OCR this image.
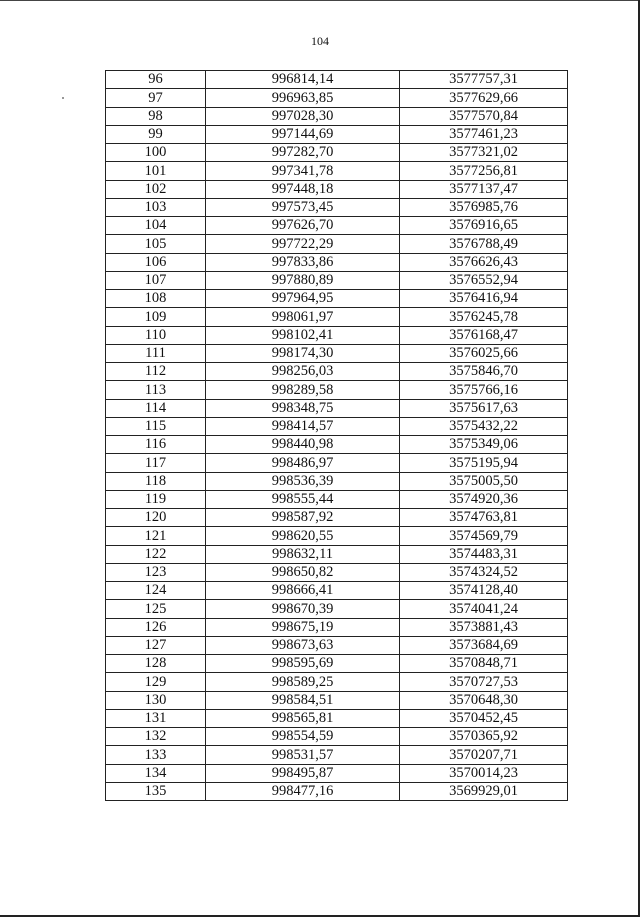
104
96	996814,14	3577757,31
97	996963,85	3577629,66
98	997028,30	3577570,84
99	997144,69	3577461,23
100	997282,70	3577321,02
101	997341,78	3577256,81
102	997448,18	3577137,47
103	997573,45	3576985,76
104	997626,70	3576916,65
105	997722,29	3576788,49
106	997833,86	3576626,43
107	997880,89	3576552,94
108	997964,95	3576416,94
109	998061,97	3576245,78
110	998102,41	3576168,47
111	998174,30	3576025,66
112	998256,03	3575846,70
113	998289,58	3575766,16
114	998348,75	3575617,63
115	998414,57	3575432,22
116	998440,98	3575349,06
117	998486,97	3575195,94
118	998536,39	3575005,50
119	998555,44	3574920,36
120	998587,92	3574763,81
121	998620,55	3574569,79
122	998632,11	3574483,31
123	998650,82	3574324,52
124	998666,41	3574128,40
125	998670,39	3574041,24
126	998675,19	3573881,43
127	998673,63	3573684,69
128	998595,69	3570848,71
129	998589,25	3570727,53
130	998584,51	3570648,30
131	998565,81	3570452,45
132	998554,59	3570365,92
133	998531,57	3570207,71
134	998495,87	3570014,23
135	998477,16	3569929,01
